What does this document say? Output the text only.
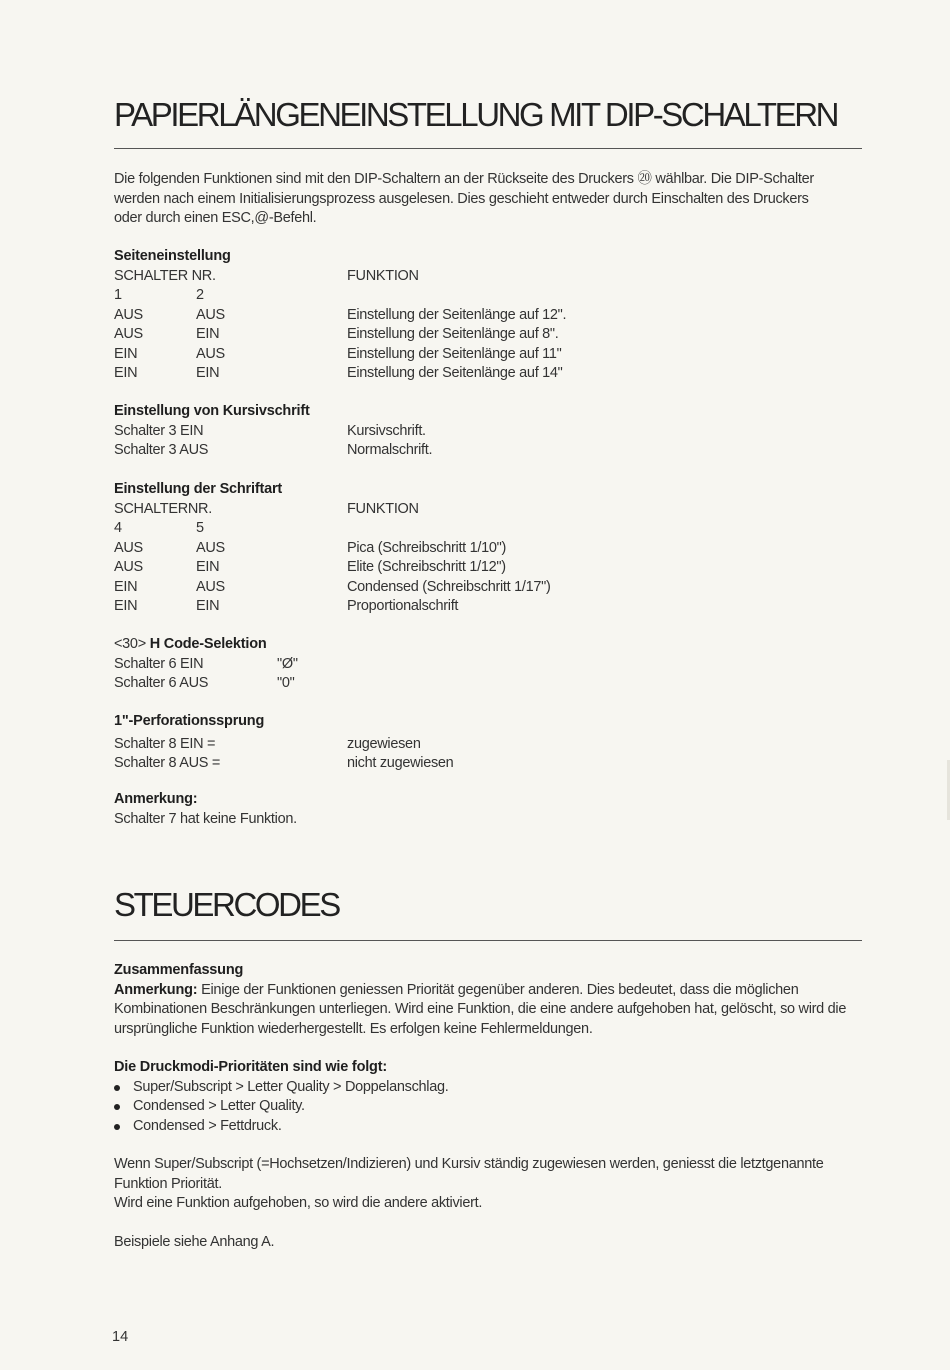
PAPIERLÄNGENEINSTELLUNG MIT DIP-SCHALTERN
Die folgenden Funktionen sind mit den DIP-Schaltern an der Rückseite des Druckers ⑳ wählbar. Die DIP-Schalter werden nach einem Initialisierungsprozess ausgelesen. Dies geschieht entweder durch Einschalten des Druckers oder durch einen ESC,@-Befehl.
Seiteneinstellung
SCHALTER NR.	FUNKTION
1	2
AUS	AUS	Einstellung der Seitenlänge auf 12".
AUS	EIN	Einstellung der Seitenlänge auf 8".
EIN	AUS	Einstellung der Seitenlänge auf 11"
EIN	EIN	Einstellung der Seitenlänge auf 14"
Einstellung von Kursivschrift
Schalter 3 EIN	Kursivschrift.
Schalter 3 AUS	Normalschrift.
Einstellung der Schriftart
SCHALTERNR.	FUNKTION
4	5
AUS	AUS	Pica (Schreibschritt 1/10")
AUS	EIN	Elite (Schreibschritt 1/12")
EIN	AUS	Condensed (Schreibschritt 1/17")
EIN	EIN	Proportionalschrift
<30> H Code-Selektion
Schalter 6 EIN	"Ø"
Schalter 6 AUS	"0"
1"-Perforationssprung
Schalter 8 EIN =	zugewiesen
Schalter 8 AUS =	nicht zugewiesen
Anmerkung:
Schalter 7 hat keine Funktion.
STEUERCODES
Zusammenfassung
Anmerkung: Einige der Funktionen geniessen Priorität gegenüber anderen. Dies bedeutet, dass die möglichen Kombinationen Beschränkungen unterliegen. Wird eine Funktion, die eine andere aufgehoben hat, gelöscht, so wird die ursprüngliche Funktion wiederhergestellt. Es erfolgen keine Fehlermeldungen.
Die Druckmodi-Prioritäten sind wie folgt:
Super/Subscript > Letter Quality > Doppelanschlag.
Condensed > Letter Quality.
Condensed > Fettdruck.
Wenn Super/Subscript (=Hochsetzen/Indizieren) und Kursiv ständig zugewiesen werden, geniesst die letztgenannte Funktion Priorität.
Wird eine Funktion aufgehoben, so wird die andere aktiviert.
Beispiele siehe Anhang A.
14
